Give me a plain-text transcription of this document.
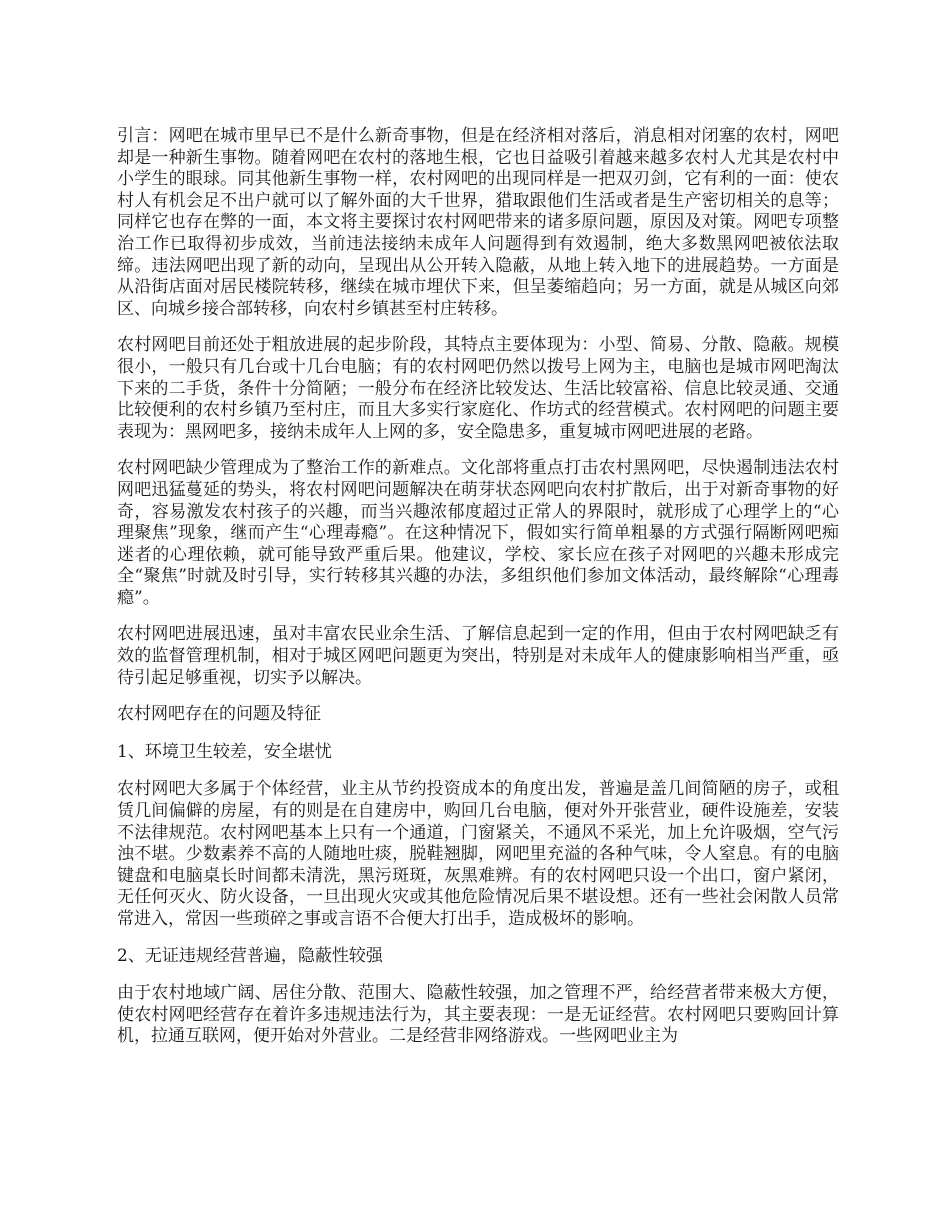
引言：网吧在城市里早已不是什么新奇事物，但是在经济相对落后，消息相对闭塞的农村，网吧却是一种新生事物。随着网吧在农村的落地生根，它也日益吸引着越来越多农村人尤其是农村中小学生的眼球。同其他新生事物一样，农村网吧的出现同样是一把双刃剑，它有利的一面：使农村人有机会足不出户就可以了解外面的大千世界，猎取跟他们生活或者是生产密切相关的息等；同样它也存在弊的一面，本文将主要探讨农村网吧带来的诸多原问题，原因及对策。网吧专项整治工作已取得初步成效，当前违法接纳未成年人问题得到有效遏制，绝大多数黑网吧被依法取缔。违法网吧出现了新的动向，呈现出从公开转入隐蔽，从地上转入地下的进展趋势。一方面是从沿街店面对居民楼院转移，继续在城市埋伏下来，但呈萎缩趋向；另一方面，就是从城区向郊区、向城乡接合部转移，向农村乡镇甚至村庄转移。

农村网吧目前还处于粗放进展的起步阶段，其特点主要体现为：小型、简易、分散、隐蔽。规模很小，一般只有几台或十几台电脑；有的农村网吧仍然以拨号上网为主，电脑也是城市网吧淘汰下来的二手货，条件十分简陋；一般分布在经济比较发达、生活比较富裕、信息比较灵通、交通比较便利的农村乡镇乃至村庄，而且大多实行家庭化、作坊式的经营模式。农村网吧的问题主要表现为：黑网吧多，接纳未成年人上网的多，安全隐患多，重复城市网吧进展的老路。

农村网吧缺少管理成为了整治工作的新难点。文化部将重点打击农村黑网吧，尽快遏制违法农村网吧迅猛蔓延的势头，将农村网吧问题解决在萌芽状态网吧向农村扩散后，出于对新奇事物的好奇，容易激发农村孩子的兴趣，而当兴趣浓郁度超过正常人的界限时，就形成了心理学上的“心理聚焦”现象，继而产生“心理毒瘾”。在这种情况下，假如实行简单粗暴的方式强行隔断网吧痴迷者的心理依赖，就可能导致严重后果。他建议，学校、家长应在孩子对网吧的兴趣未形成完全“聚焦”时就及时引导，实行转移其兴趣的办法，多组织他们参加文体活动，最终解除“心理毒瘾”。

农村网吧进展迅速，虽对丰富农民业余生活、了解信息起到一定的作用，但由于农村网吧缺乏有效的监督管理机制，相对于城区网吧问题更为突出，特别是对未成年人的健康影响相当严重，亟待引起足够重视，切实予以解决。

农村网吧存在的问题及特征

1、环境卫生较差，安全堪忧

农村网吧大多属于个体经营，业主从节约投资成本的角度出发，普遍是盖几间简陋的房子，或租赁几间偏僻的房屋，有的则是在自建房中，购回几台电脑，便对外开张营业，硬件设施差，安装不法律规范。农村网吧基本上只有一个通道，门窗紧关，不通风不采光，加上允许吸烟，空气污浊不堪。少数素养不高的人随地吐痰，脱鞋翘脚，网吧里充溢的各种气味，令人窒息。有的电脑键盘和电脑桌长时间都未清洗，黑污斑斑，灰黑难辨。有的农村网吧只设一个出口，窗户紧闭，无任何灭火、防火设备，一旦出现火灾或其他危险情况后果不堪设想。还有一些社会闲散人员常常进入，常因一些琐碎之事或言语不合便大打出手，造成极坏的影响。

2、无证违规经营普遍，隐蔽性较强

由于农村地域广阔、居住分散、范围大、隐蔽性较强，加之管理不严，给经营者带来极大方便，使农村网吧经营存在着许多违规违法行为，其主要表现：一是无证经营。农村网吧只要购回计算机，拉通互联网，便开始对外营业。二是经营非网络游戏。一些网吧业主为
